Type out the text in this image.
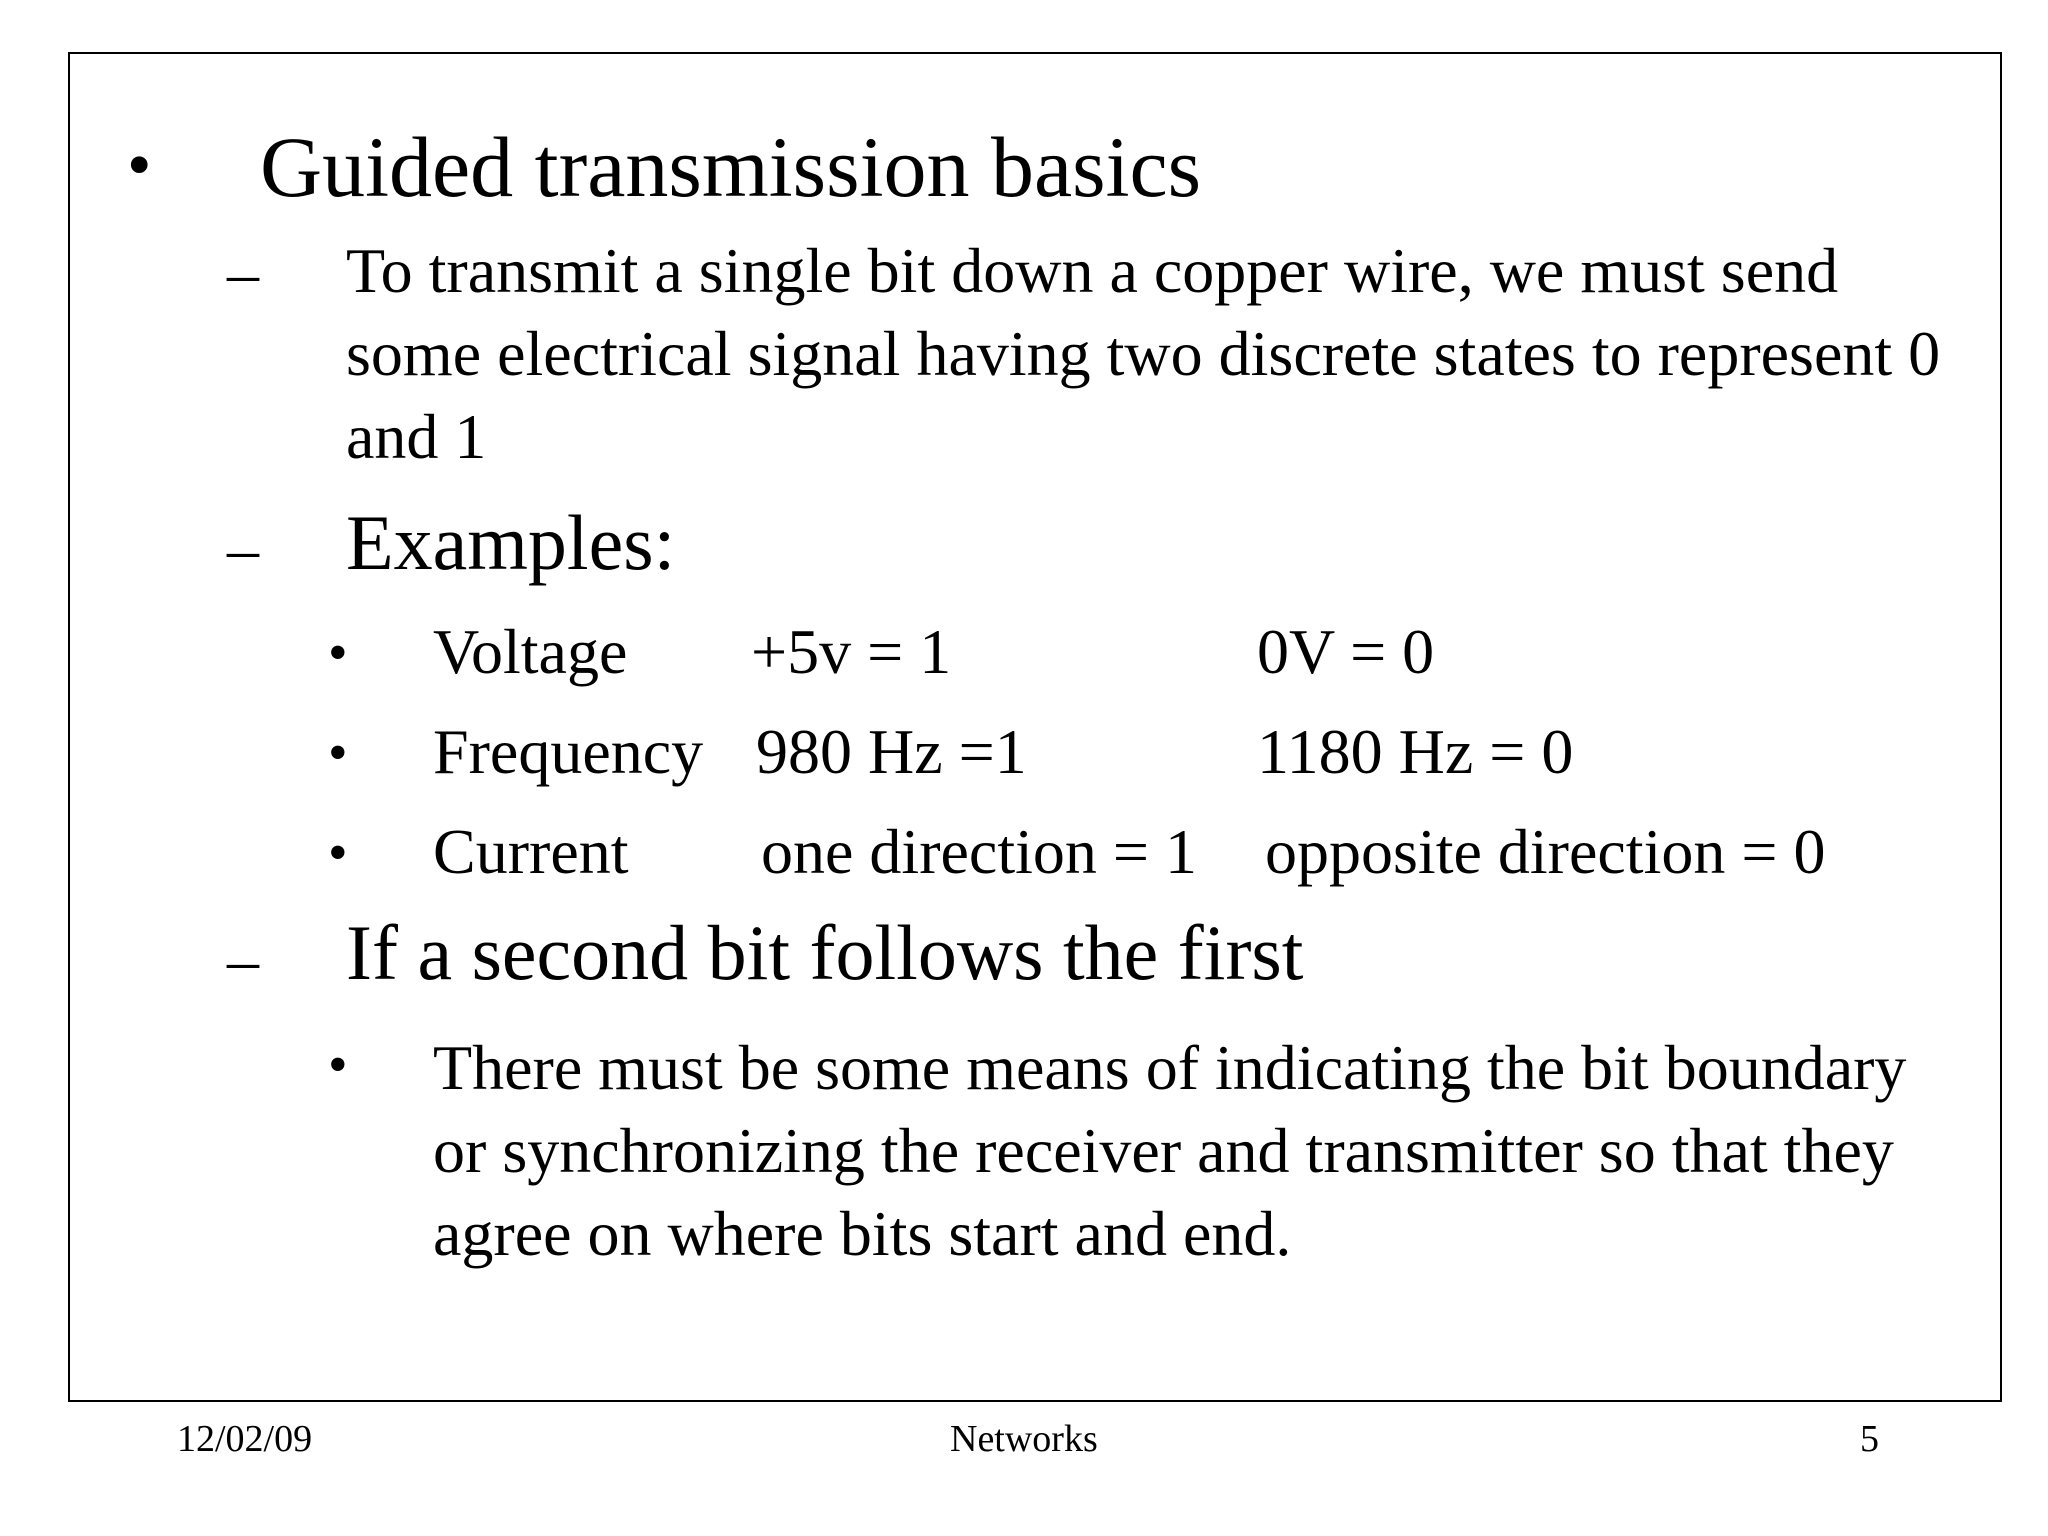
• Guided transmission basics
– To transmit a single bit down a copper wire, we must send some electrical signal having two discrete states to represent 0 and 1
– Examples:
• Voltage +5v = 1	0V = 0
• Frequency 980 Hz =1	1180 Hz = 0
• Current one direction = 1 opposite direction = 0
– If a second bit follows the first
• There must be some means of indicating the bit boundary or synchronizing the receiver and transmitter so that they agree on where bits start and end.
12/02/09	Networks	5
